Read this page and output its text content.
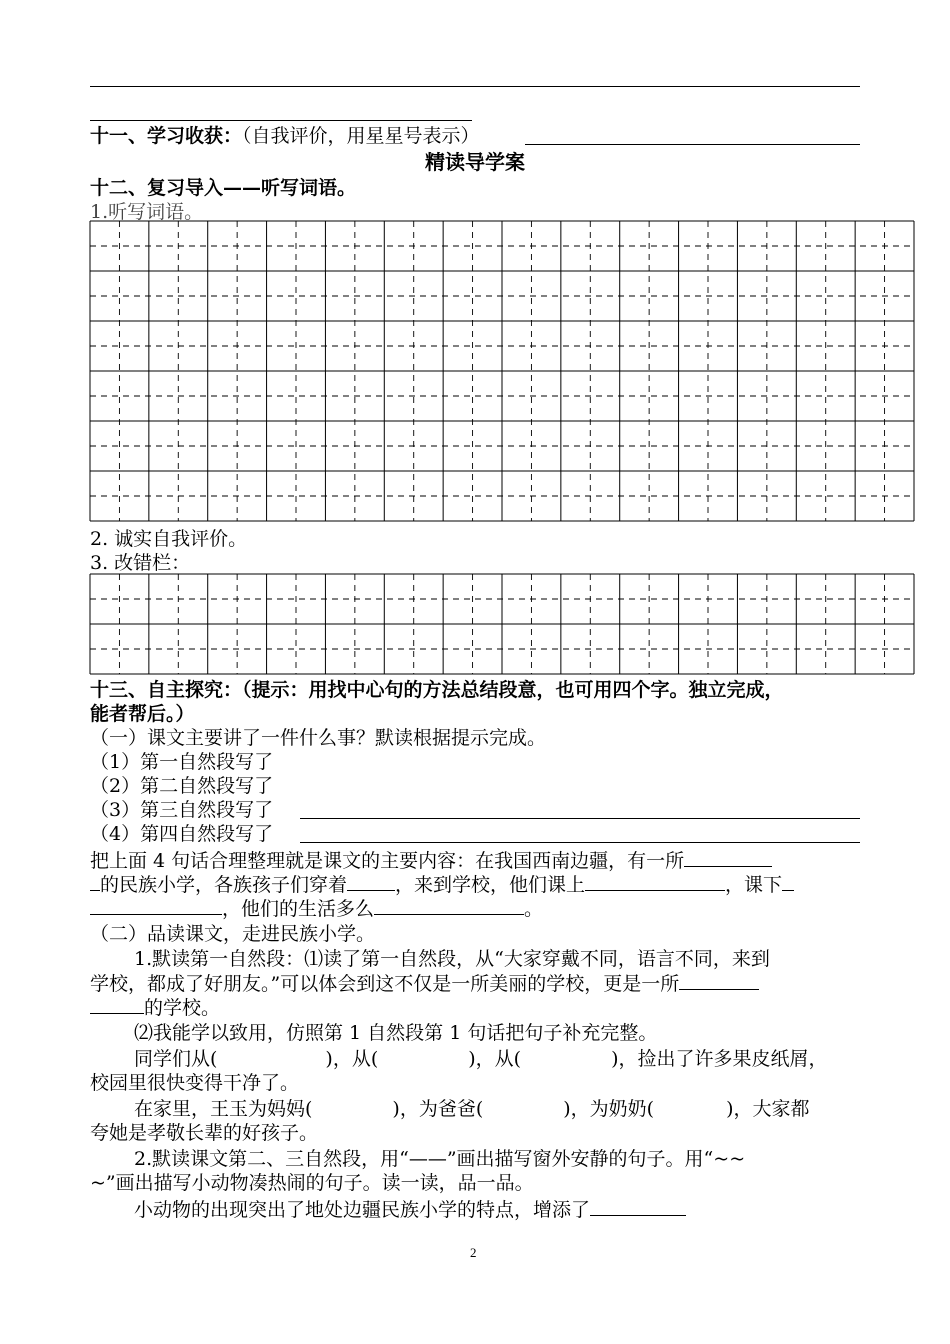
十一、学习收获：（自我评价，用星星号表示）
精读导学案
十二、复习导入——听写词语。
1.听写词语。
2. 诚实自我评价。
3. 改错栏：
十三、自主探究：（提示：用找中心句的方法总结段意，也可用四个字。独立完成，
能者帮后。）
（一）课文主要讲了一件什么事？默读根据提示完成。
（1）第一自然段写了
（2）第二自然段写了
（3）第三自然段写了
（4）第四自然段写了
把上面 4 句话合理整理就是课文的主要内容：在我国西南边疆，有一所
的民族小学，各族孩子们穿着	，来到学校，他们课上	，课下
，他们的生活多么	。
（二）品读课文，走进民族小学。
1.默读第一自然段：⑴读了第一自然段，从“大家穿戴不同，语言不同，来到
学校，都成了好朋友。”可以体会到这不仅是一所美丽的学校，更是一所
的学校。
⑵我能学以致用，仿照第 1 自然段第 1 句话把句子补充完整。
同学们从(	)，从(	)，从(	)，捡出了许多果皮纸屑，
校园里很快变得干净了。
在家里，王玉为妈妈(	)，为爸爸(	)，为奶奶(	)，大家都
夸她是孝敬长辈的好孩子。
2.默读课文第二、三自然段，用“——”画出描写窗外安静的句子。用“~~
~”画出描写小动物凑热闹的句子。读一读，品一品。
小动物的出现突出了地处边疆民族小学的特点，增添了
2
